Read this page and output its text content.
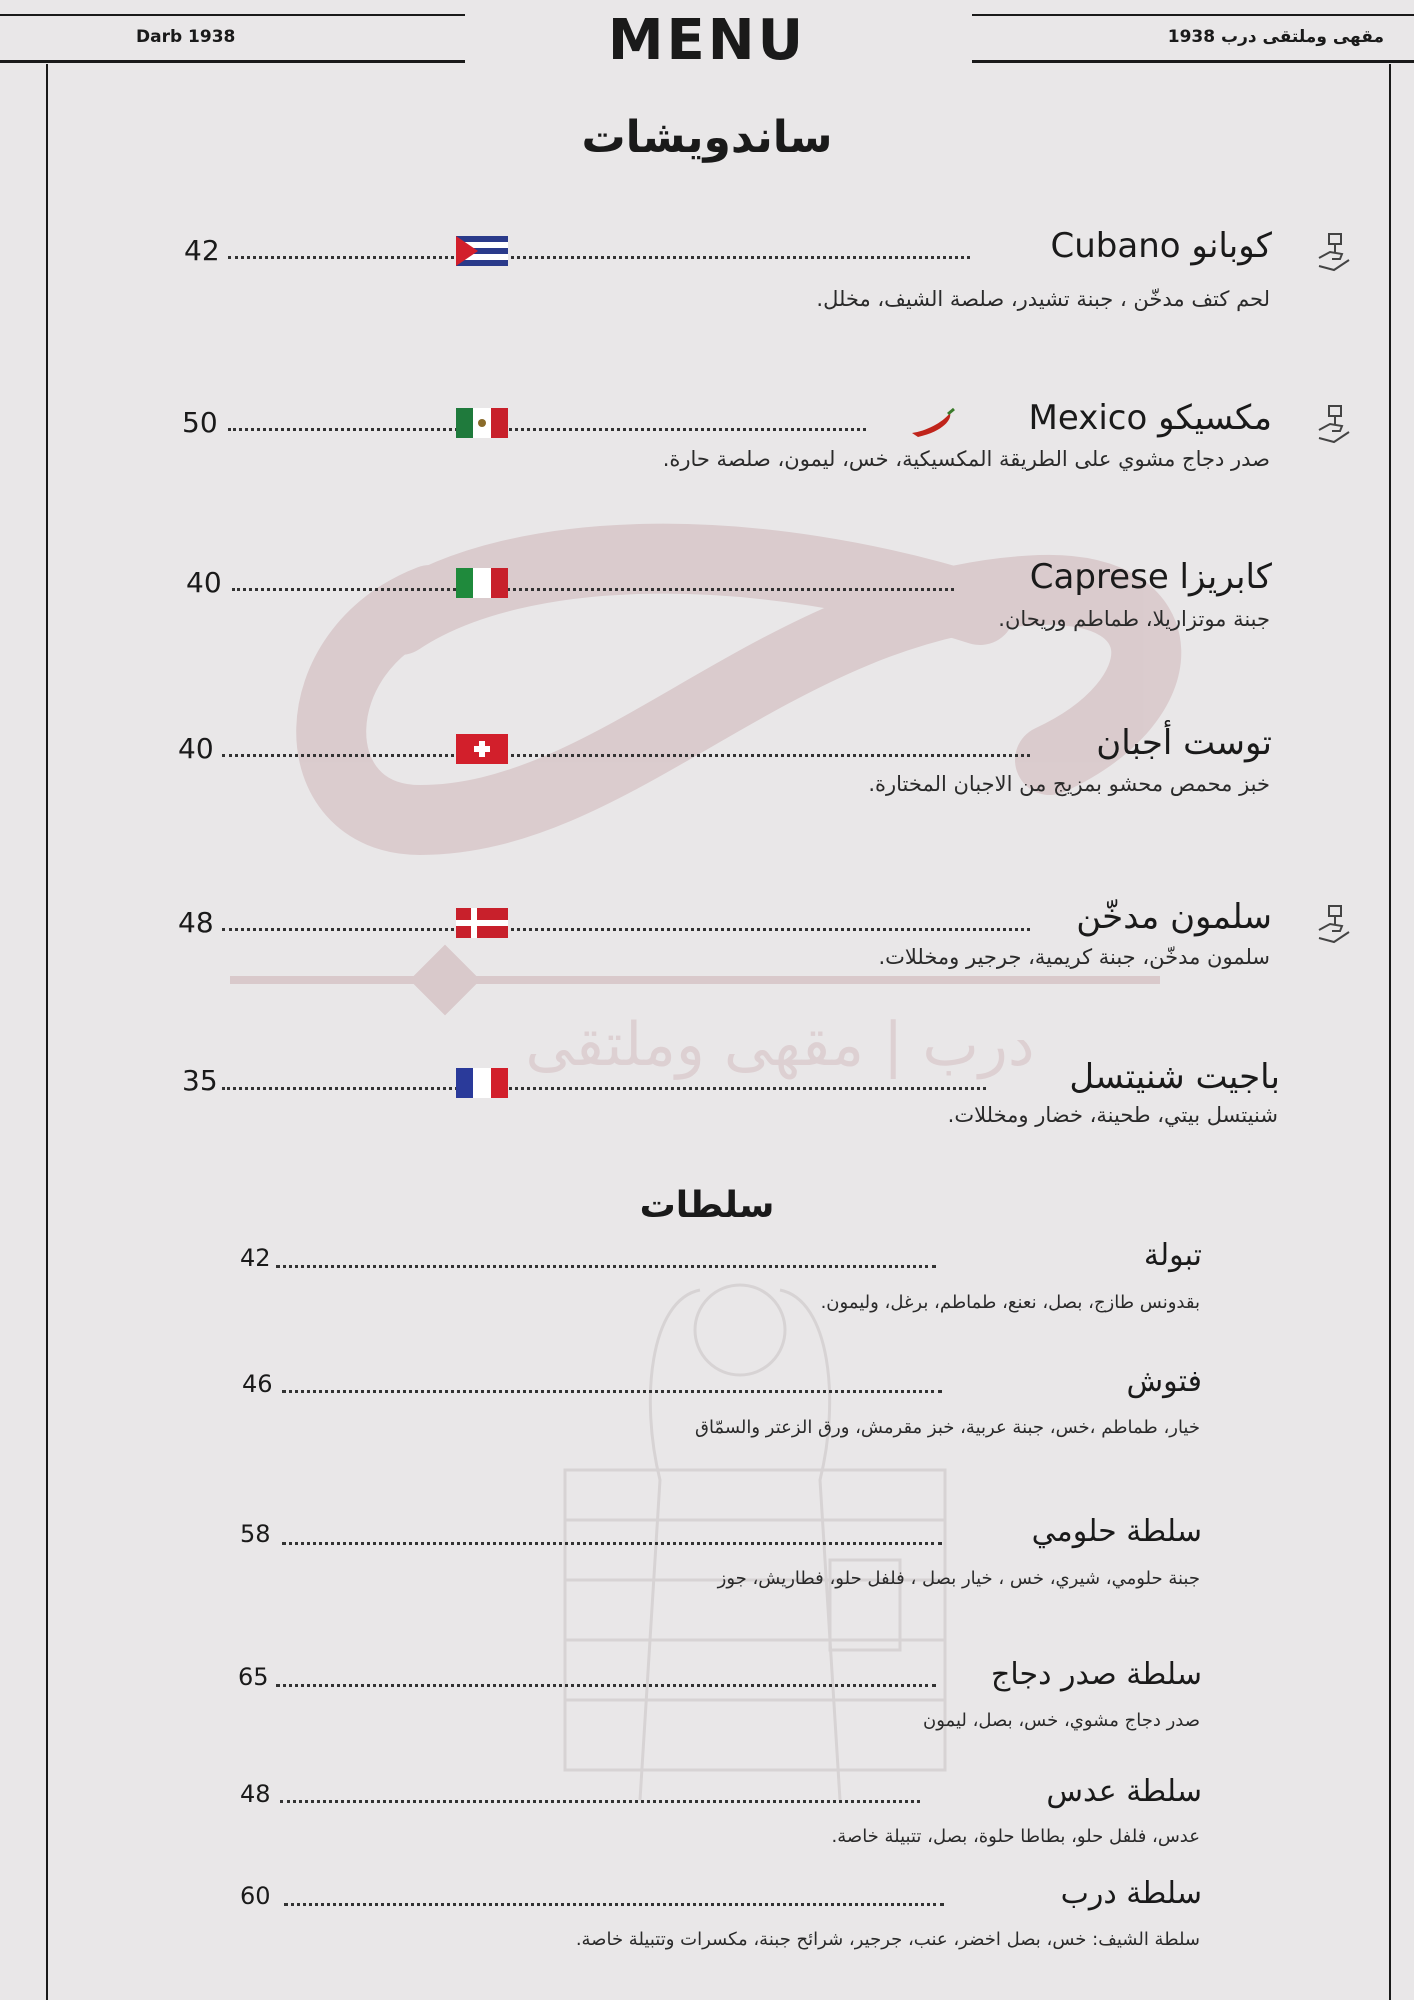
درب | مقهى وملتقى
Darb 1938	MENU	مقهى وملتقى درب 1938
ساندويشات
كوبانو Cubano
42
لحم كتف مدخّن ، جبنة تشيدر، صلصة الشيف، مخلل.
مكسيكو Mexico
50
صدر دجاج مشوي على الطريقة المكسيكية، خس، ليمون، صلصة حارة.
كابريزا Caprese
40
جبنة موتزاريلا، طماطم وريحان.
توست أجبان
40
خبز محمص محشو بمزيج من الاجبان المختارة.
سلمون مدخّن
48
سلمون مدخّن، جبنة كريمية، جرجير ومخللات.
باجيت شنيتسل
35
شنيتسل بيتي، طحينة، خضار ومخللات.
سلطات
تبولة
42
بقدونس طازج، بصل، نعنع، طماطم، برغل، وليمون.
فتوش
46
خيار، طماطم ،خس، جبنة عربية، خبز مقرمش، ورق الزعتر والسمّاق
سلطة حلومي
58
جبنة حلومي، شيري، خس ، خيار بصل ، فلفل حلو، فطاريش، جوز
سلطة صدر دجاج
65
صدر دجاج مشوي، خس، بصل، ليمون
سلطة عدس
48
عدس، فلفل حلو، بطاطا حلوة، بصل، تتبيلة خاصة.
سلطة درب
60
سلطة الشيف: خس، بصل اخضر، عنب، جرجير، شرائح جبنة، مكسرات وتتبيلة خاصة.
